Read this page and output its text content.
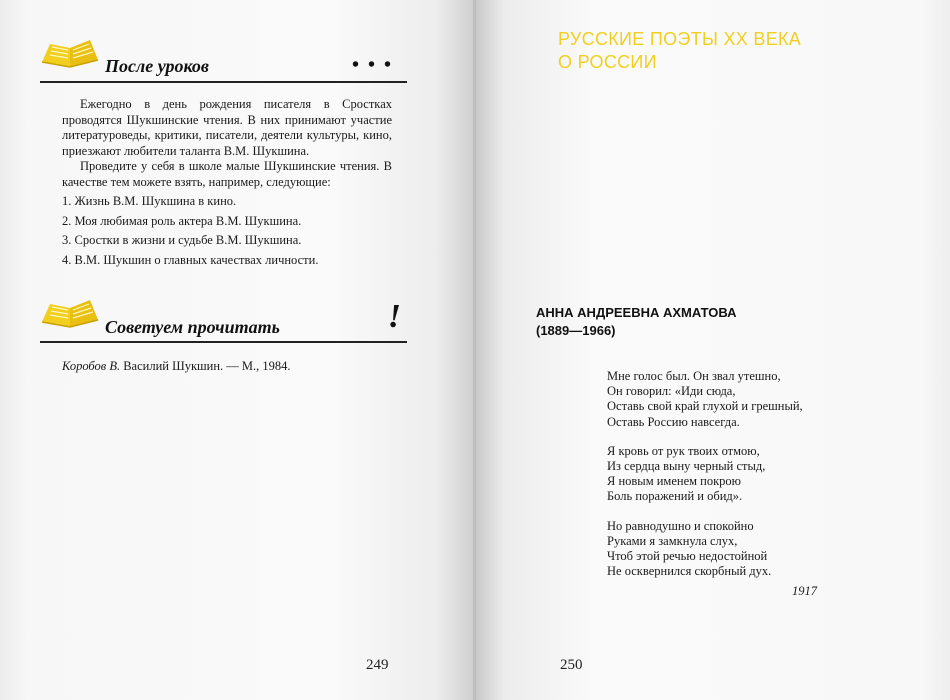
После уроков	• • •

Ежегодно в день рождения писателя в Сростках проводятся Шукшинские чтения. В них принимают участие литературоведы, критики, писатели, деятели культуры, кино, приезжают любители таланта В.М. Шукшина.

Проведите у себя в школе малые Шукшинские чтения. В качестве тем можете взять, например, следующие:

1. Жизнь В.М. Шукшина в кино.
2. Моя любимая роль актера В.М. Шукшина.
3. Сростки в жизни и судьбе В.М. Шукшина.
4. В.М. Шукшин о главных качествах личности.
Советуем прочитать	!
Коробов В. Василий Шукшин. — М., 1984.
249
РУССКИЕ ПОЭТЫ XX ВЕКА
О РОССИИ
АННА АНДРЕЕВНА АХМАТОВА
(1889—1966)
Мне голос был. Он звал утешно,
Он говорил: «Иди сюда,
Оставь свой край глухой и грешный,
Оставь Россию навсегда.
Я кровь от рук твоих отмою,
Из сердца выну черный стыд,
Я новым именем покрою
Боль поражений и обид».
Но равнодушно и спокойно
Руками я замкнула слух,
Чтоб этой речью недостойной
Не осквернился скорбный дух.
1917
250
